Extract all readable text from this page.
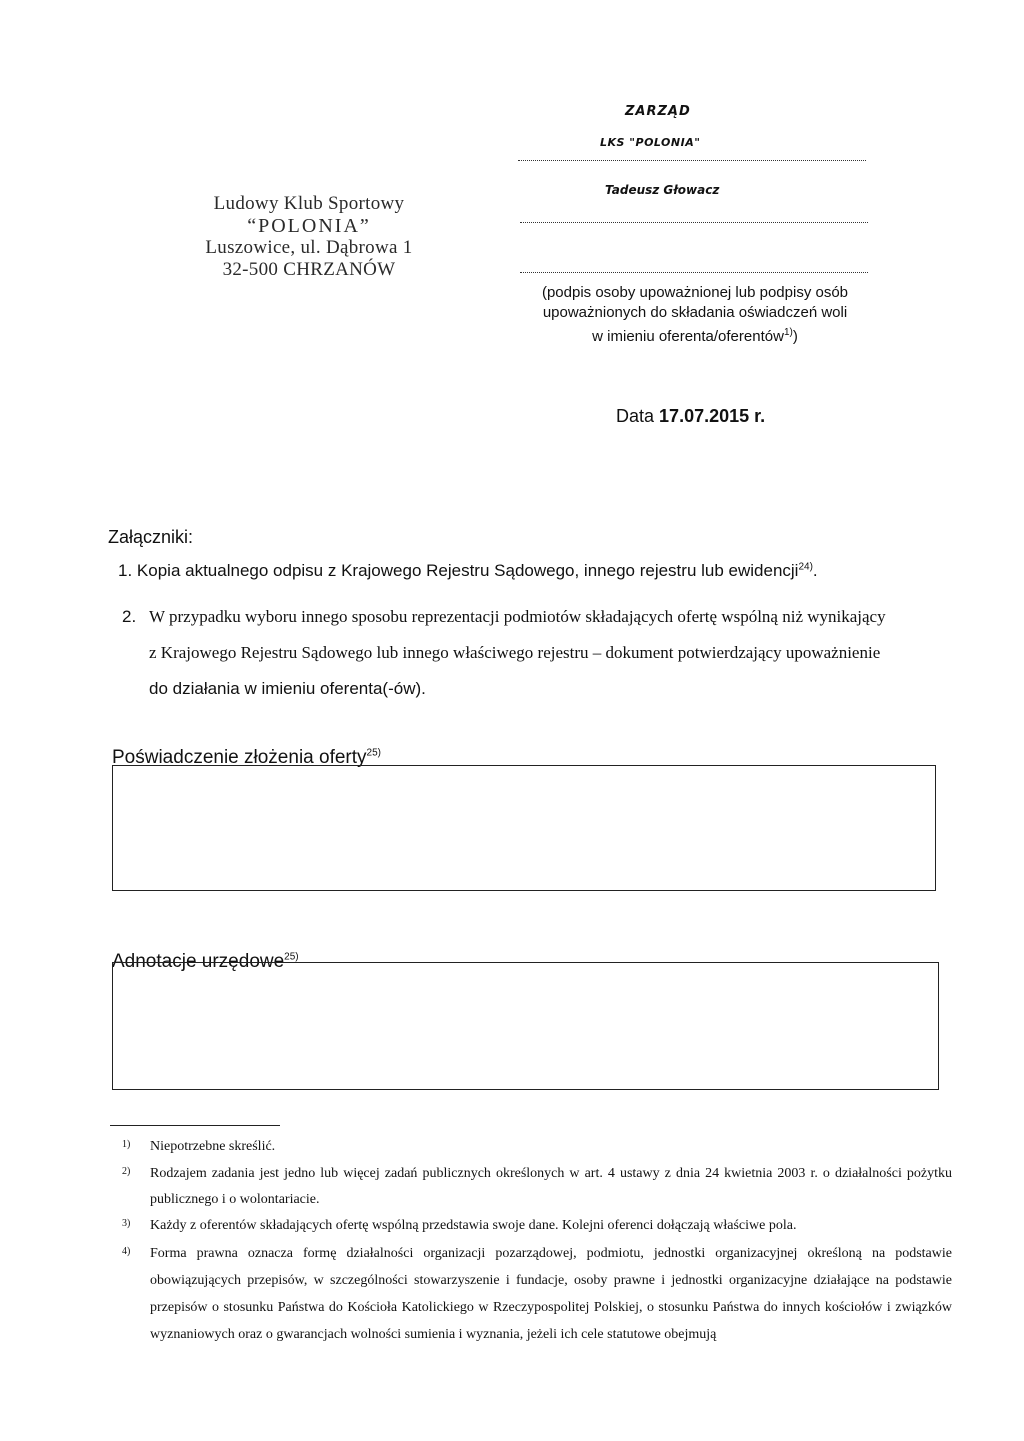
Ludowy Klub Sportowy
“POLONIA”
Luszowice, ul. Dąbrowa 1
32-500 CHRZANÓW
ZARZĄD
LKS "POLONIA"
Tadeusz Głowacz
(podpis osoby upoważnionej lub podpisy osób
upoważnionych do składania oświadczeń woli
w imieniu oferenta/oferentów$^{1)}$)
Data 17.07.2015 r.
Załączniki:
1. Kopia aktualnego odpisu z Krajowego Rejestru Sądowego, innego rejestru lub ewidencji$^{24)}$.
2. W przypadku wyboru innego sposobu reprezentacji podmiotów składających ofertę wspólną niż wynikający
z Krajowego Rejestru Sądowego lub innego właściwego rejestru – dokument potwierdzający upoważnienie
do działania w imieniu oferenta(-ów).
Poświadczenie złożenia oferty$^{25)}$
Adnotacje urzędowe$^{25)}$
1) Niepotrzebne skreślić.
2) Rodzajem zadania jest jedno lub więcej zadań publicznych określonych w art. 4 ustawy z dnia 24 kwietnia 2003 r. o działalności pożytku publicznego i o wolontariacie.
3) Każdy z oferentów składających ofertę wspólną przedstawia swoje dane. Kolejni oferenci dołączają właściwe pola.
4) Forma prawna oznacza formę działalności organizacji pozarządowej, podmiotu, jednostki organizacyjnej określoną na podstawie obowiązujących przepisów, w szczególności stowarzyszenie i fundacje, osoby prawne i jednostki organizacyjne działające na podstawie przepisów o stosunku Państwa do Kościoła Katolickiego w Rzeczypospolitej Polskiej, o stosunku Państwa do innych kościołów i związków wyznaniowych oraz o gwarancjach wolności sumienia i wyznania, jeżeli ich cele statutowe obejmują
